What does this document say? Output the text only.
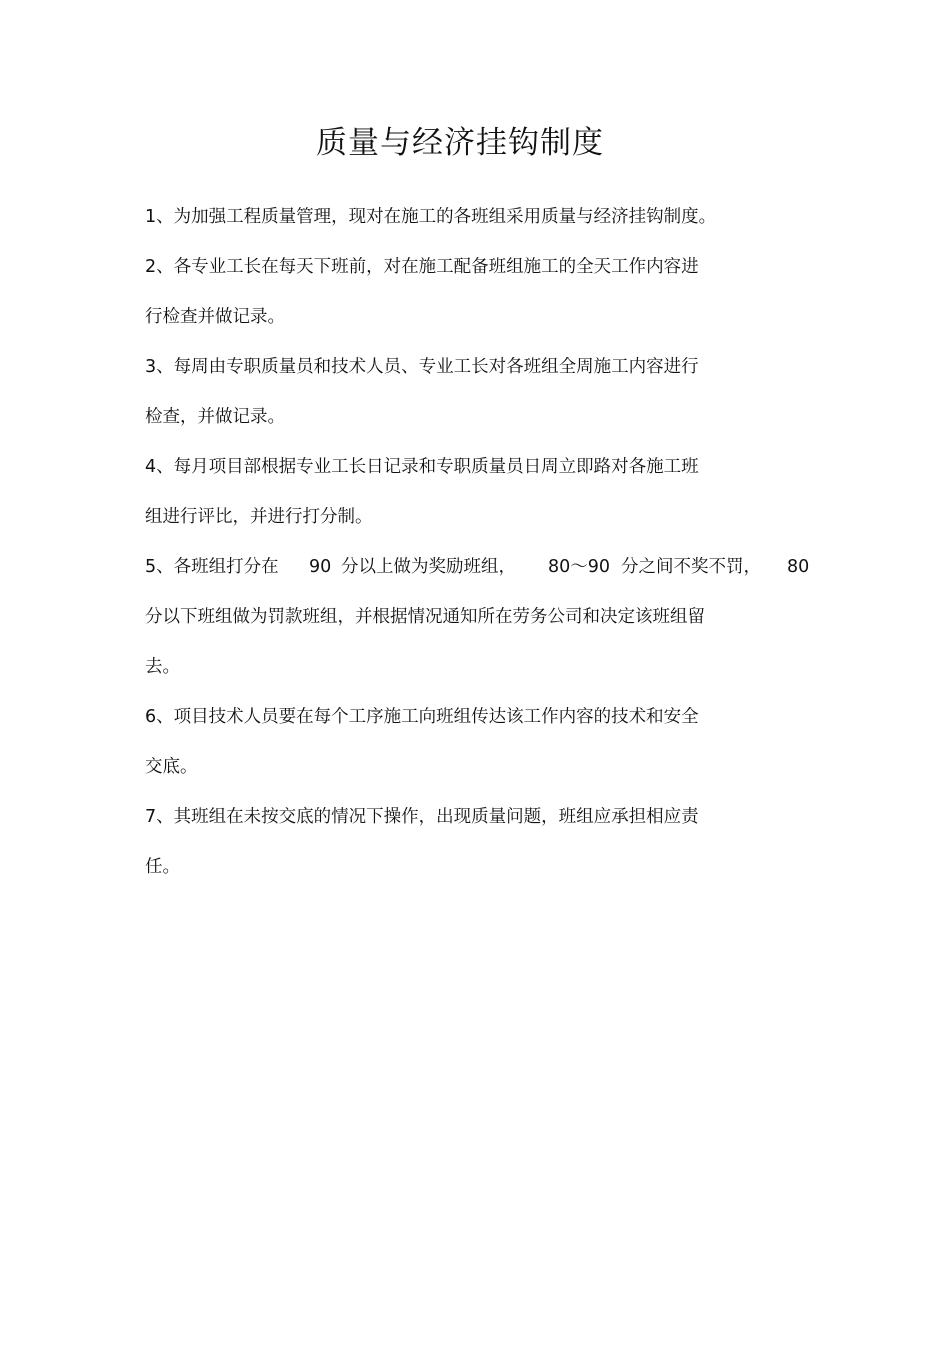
质量与经济挂钩制度

1、为加强工程质量管理，现对在施工的各班组采用质量与经济挂钩制度。

2、各专业工长在每天下班前，对在施工配备班组施工的全天工作内容进

行检查并做记录。

3、每周由专职质量员和技术人员、专业工长对各班组全周施工内容进行

检查，并做记录。

4、每月项目部根据专业工长日记录和专职质量员日周立即路对各施工班

组进行评比，并进行打分制。

5、各班组打分在 90 分以上做为奖励班组， 80～90 分之间不奖不罚， 80

分以下班组做为罚款班组，并根据情况通知所在劳务公司和决定该班组留

去。

6、项目技术人员要在每个工序施工向班组传达该工作内容的技术和安全

交底。

7、其班组在未按交底的情况下操作，出现质量问题，班组应承担相应责

任。
